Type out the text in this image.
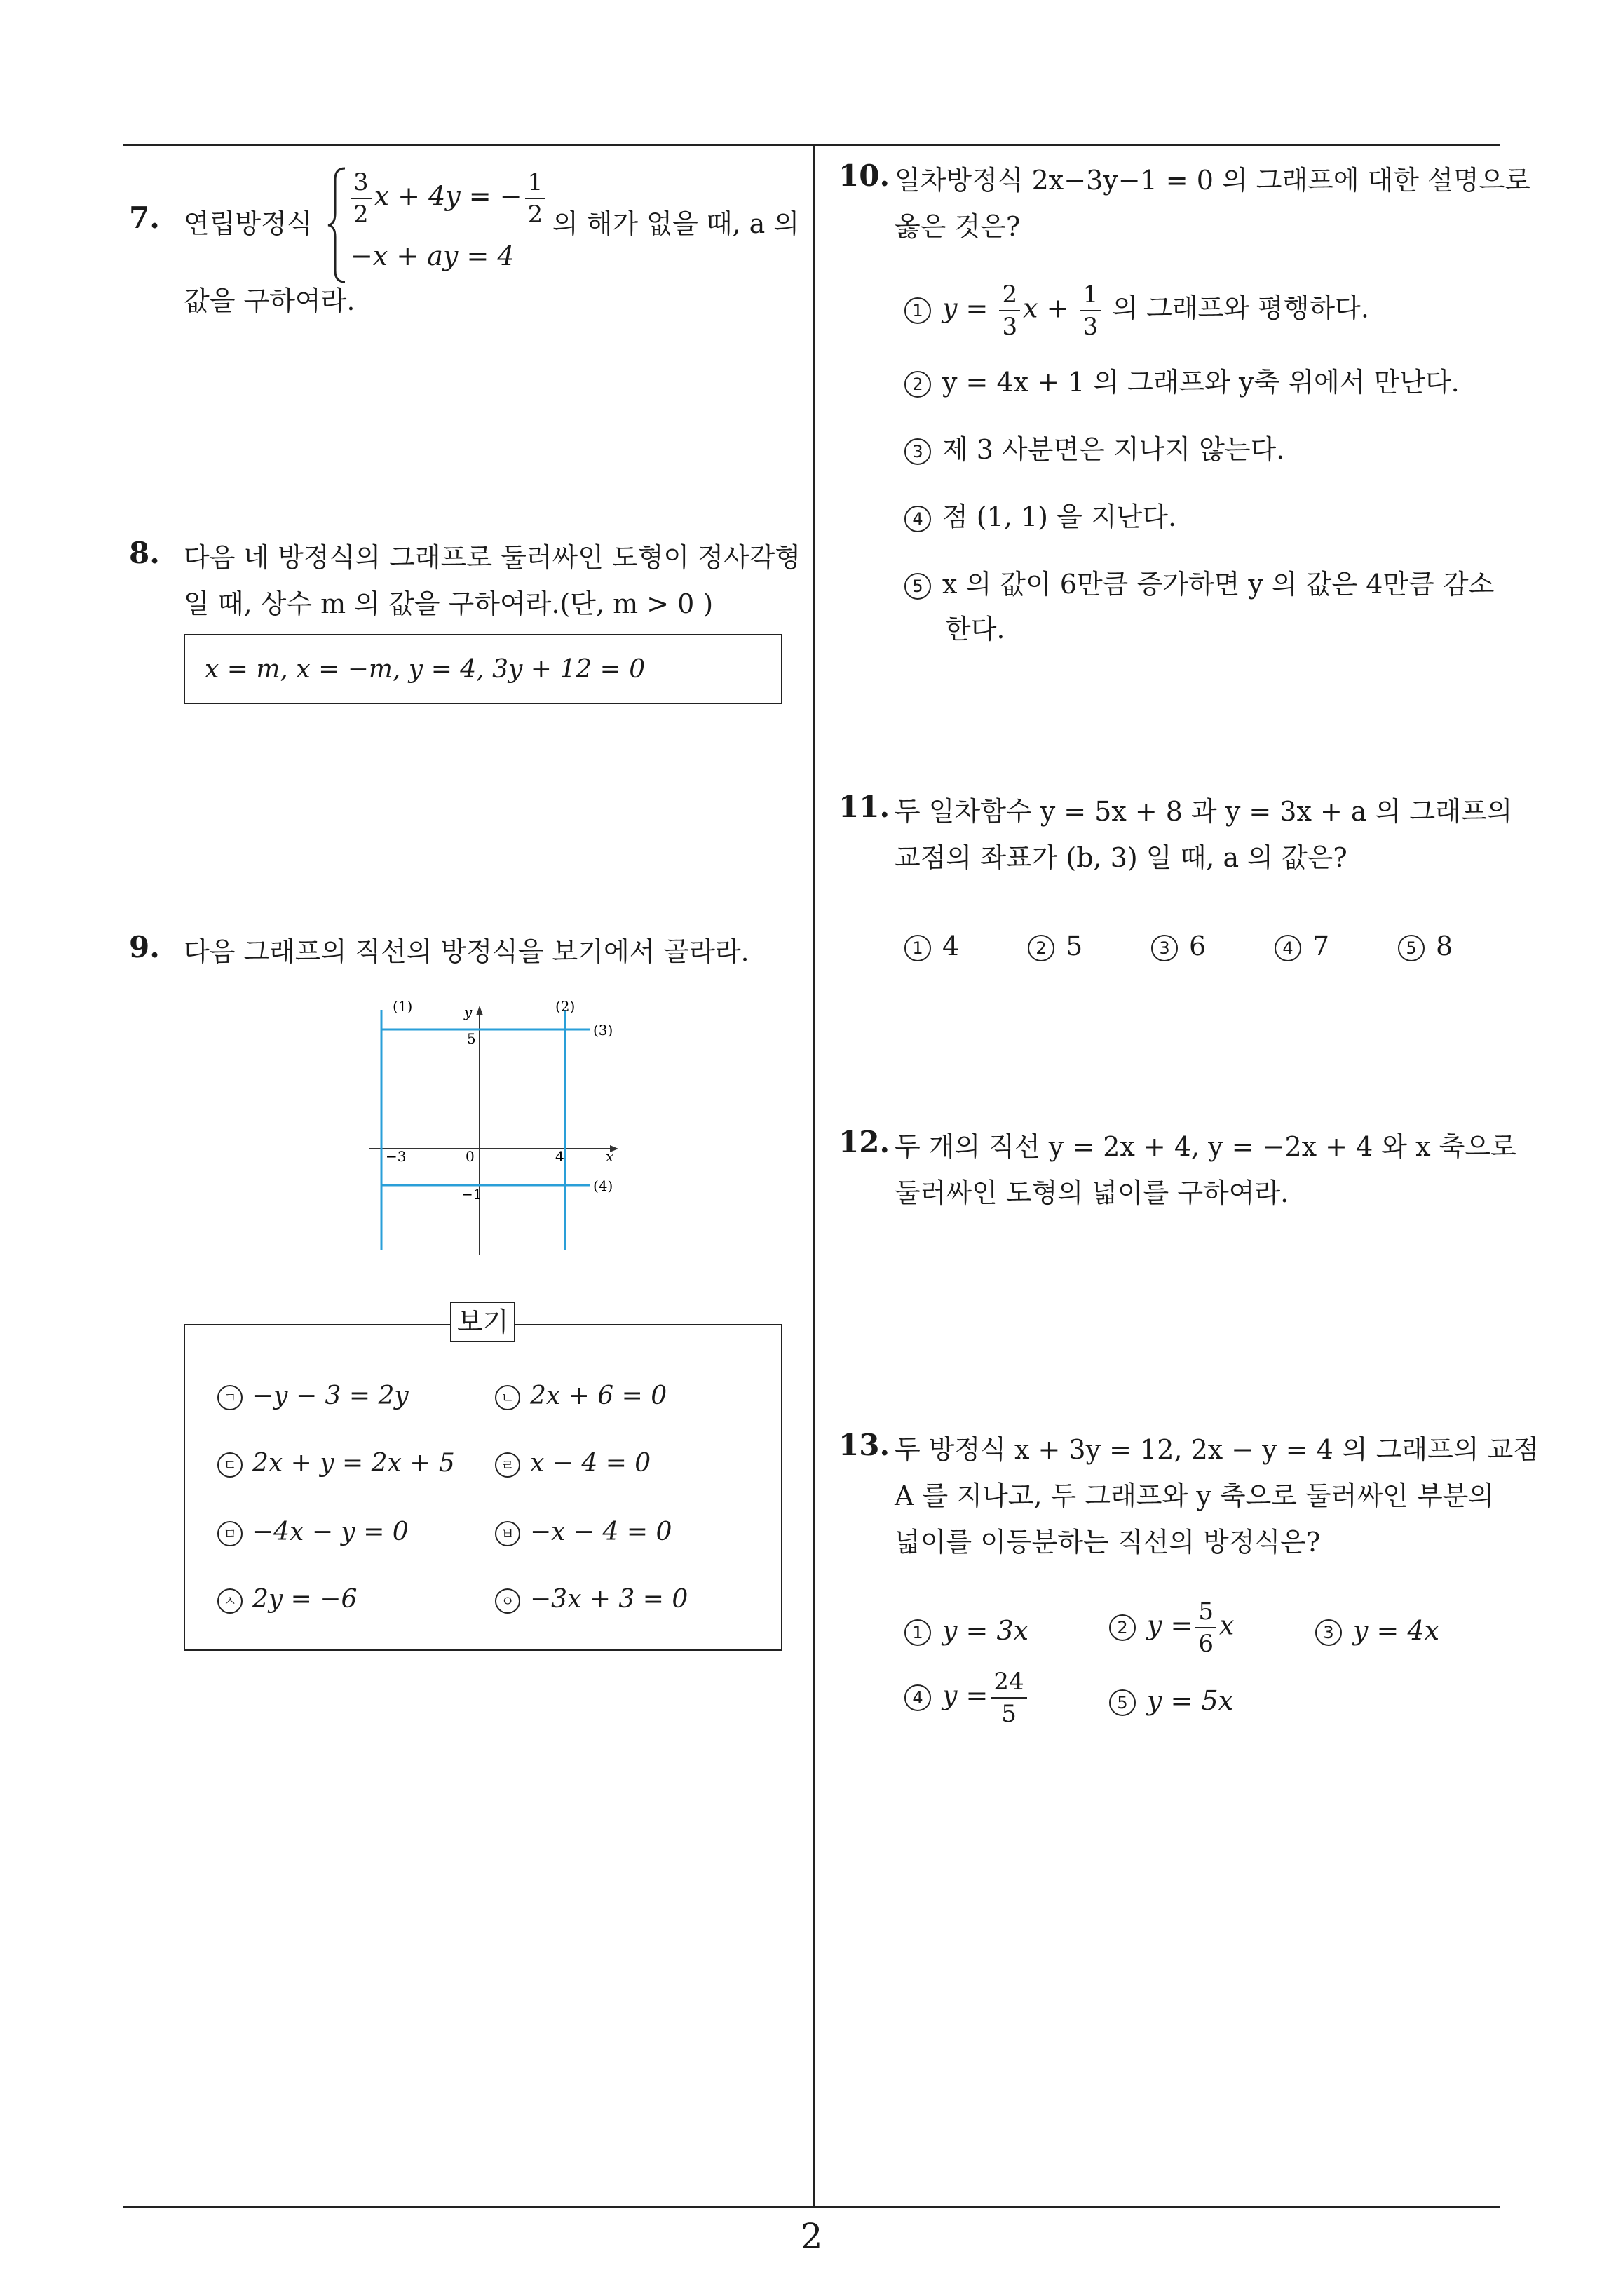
7. 연립방정식 $\frac{3}{2}$ x + 4y = − $\frac{1}{2}$
−x + ay = 4
의 해가 없을 때, a 의
값을 구하여라.
8. 다음 네 방정식의 그래프로 둘러싸인 도형이 정사각형
일 때, 상수 m 의 값을 구하여라.(단, m > 0 )
x = m, x = −m, y = 4, 3y + 12 = 0
9. 다음 그래프의 직선의 방정식을 보기에서 골라라.
(1)	(2)
(3)
(4)
y
x
5
−3	0	4
−1
보기
ㄱ −y − 3 = 2y	ㄴ 2x + 6 = 0
ㄷ 2x + y = 2x + 5	ㄹ x − 4 = 0
ㅁ −4x − y = 0	ㅂ −x − 4 = 0
ㅅ 2y = −6	ㅇ −3x + 3 = 0
10. 일차방정식 2x−3y−1 = 0 의 그래프에 대한 설명으로
옳은 것은?
1 $y = \frac{2}{3}$ $x + \frac{1}{3}$ 의 그래프와 평행하다.
2 y = 4x + 1 의 그래프와 y축 위에서 만난다.
3 제 3 사분면은 지나지 않는다.
4 점 (1, 1) 을 지난다.
5 x 의 값이 6만큼 증가하면 y 의 값은 4만큼 감소
한다.
11. 두 일차함수 y = 5x + 8 과 y = 3x + a 의 그래프의
교점의 좌표가 (b, 3) 일 때, a 의 값은?
1 4	2 5	3 6	4 7	5 8
12. 두 개의 직선 y = 2x + 4, y = −2x + 4 와 x 축으로
둘러싸인 도형의 넓이를 구하여라.
13. 두 방정식 x + 3y = 12, 2x − y = 4 의 그래프의 교점
A 를 지나고, 두 그래프와 y 축으로 둘러싸인 부분의
넓이를 이등분하는 직선의 방정식은?
1 y = 3x	2 $y = \frac{5}{6}$ x	3 y = 4x
4 $y = \frac{24}{5}$	5 y = 5x
2
